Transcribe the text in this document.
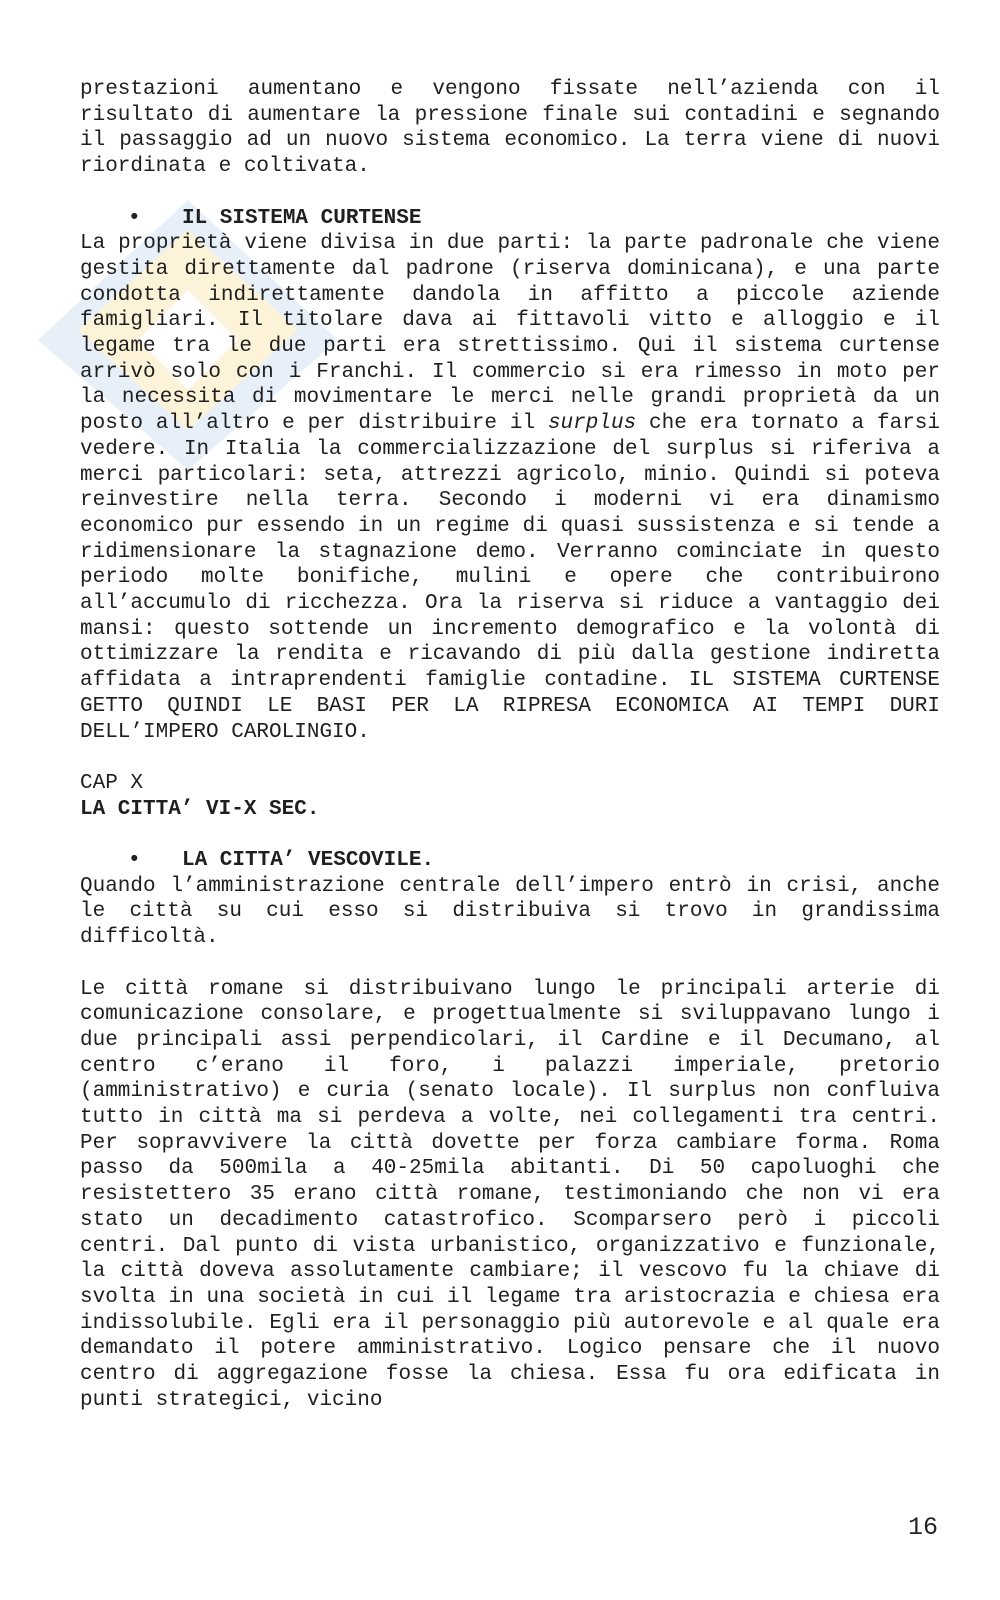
prestazioni aumentano e vengono fissate nell’azienda con il risultato di aumentare la pressione finale sui contadini e segnando il passaggio ad un nuovo sistema economico. La terra viene di nuovi riordinata e coltivata.

•	IL SISTEMA CURTENSE

La proprietà viene divisa in due parti: la parte padronale che viene gestita direttamente dal padrone (riserva dominicana), e una parte condotta indirettamente dandola in affitto a piccole aziende famigliari. Il titolare dava ai fittavoli vitto e alloggio e il legame tra le due parti era strettissimo. Qui il sistema curtense arrivò solo con i Franchi. Il commercio si era rimesso in moto per la necessita di movimentare le merci nelle grandi proprietà da un posto all’altro e per distribuire il surplus che era tornato a farsi vedere. In Italia la commercializzazione del surplus si riferiva a merci particolari: seta, attrezzi agricolo, minio. Quindi si poteva reinvestire nella terra. Secondo i moderni vi era dinamismo economico pur essendo in un regime di quasi sussistenza e si tende a ridimensionare la stagnazione demo. Verranno cominciate in questo periodo molte bonifiche, mulini e opere che contribuirono all’accumulo di ricchezza. Ora la riserva si riduce a vantaggio dei mansi: questo sottende un incremento demografico e la volontà di ottimizzare la rendita e ricavando di più dalla gestione indiretta affidata a intraprendenti famiglie contadine. IL SISTEMA CURTENSE GETTO QUINDI LE BASI PER LA RIPRESA ECONOMICA AI TEMPI DURI DELL’IMPERO CAROLINGIO.

CAP X

LA CITTA’ VI-X SEC.

•	LA CITTA’ VESCOVILE.

Quando l’amministrazione centrale dell’impero entrò in crisi, anche le città su cui esso si distribuiva si trovo in grandissima difficoltà.

Le città romane si distribuivano lungo le principali arterie di comunicazione consolare, e progettualmente si sviluppavano lungo i due principali assi perpendicolari, il Cardine e il Decumano, al centro c’erano il foro, i palazzi imperiale, pretorio (amministrativo) e curia (senato locale). Il surplus non confluiva tutto in città ma si perdeva a volte, nei collegamenti tra centri. Per sopravvivere la città dovette per forza cambiare forma. Roma passo da 500mila a 40-25mila abitanti. Di 50 capoluoghi che resistettero 35 erano città romane, testimoniando che non vi era stato un decadimento catastrofico. Scomparsero però i piccoli centri. Dal punto di vista urbanistico, organizzativo e funzionale, la città doveva assolutamente cambiare; il vescovo fu la chiave di svolta in una società in cui il legame tra aristocrazia e chiesa era indissolubile. Egli era il personaggio più autorevole e al quale era demandato il potere amministrativo. Logico pensare che il nuovo centro di aggregazione fosse la chiesa. Essa fu ora edificata in punti strategici, vicino

16
